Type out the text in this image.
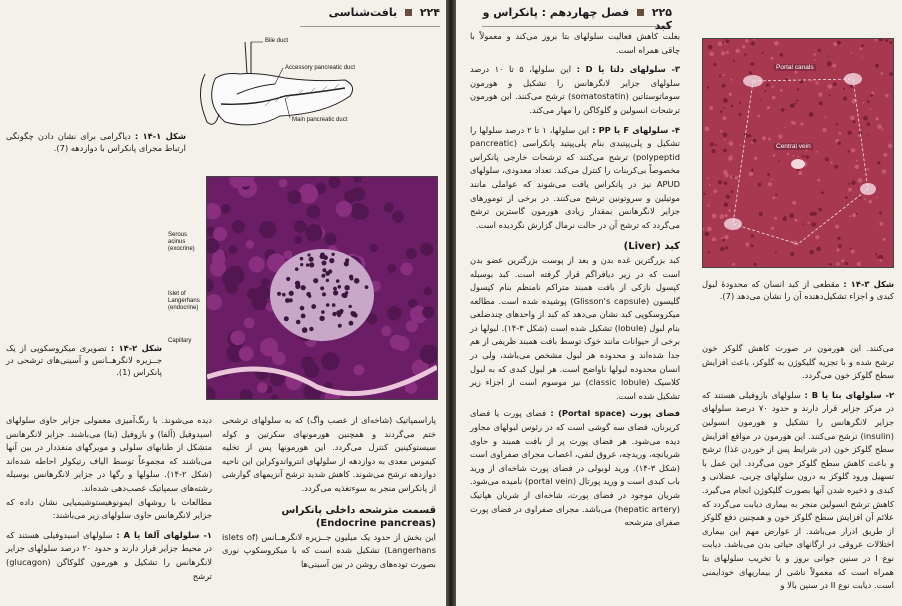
۲۲۴  بافت‌شناسی
Bile duct
Accessory pancreatic duct
Main pancreatic duct
شکل ۱-۱۴ : دیاگرامی برای نشان دادن چگونگی ارتباط مجرای پانکراس با دوازدهه (7).
Serous acinus (exocrine)
Islet of Langerhans (endocrine)
Capillary
شکل ۲-۱۴ : تصویری میکروسکوپی از یک جــزیره لانگرهــانس و آسینی‌های ترشحی در پانکراس (1).
پاراسمپاتیک (شاخه‌ای از عصب واگ) که به سلولهای ترشحی ختم می‌گردند و همچنین هورمونهای سکرتین و کوله سیستوکینین کنترل می‌گردد. این هورمونها پس از تخلیه کیموس معدی به دوازدهه از سلولهای انترواندوکراین این ناحیه دوازدهه ترشح می‌شوند. کاهش شدید ترشح آنزیمهای گوارشی از پانکراس منجر به سوءتغذیه می‌گردد.
قسمت مترشحه داخلی پانکراس
(Endocrine pancreas)
این بخش از حدود یک میلیون جــزیره لانگرهــانس (islets of Langerhans) تشکیل شده است که با میکروسکوپ نوری بصورت توده‌های روشن در بین آسینی‌ها
دیده می‌شوند. با رنگ‌آمیزی معمولی جزایر حاوی سلولهای اسیدوفیل (آلفا) و بازوفیل (بتا) می‌باشند. جزایر لانگرهانس متشکل از طنابهای سلولی و مویرگهای منفذدار در بین آنها می‌باشند که مجموعاً توسط الیاف رتیکولر احاطه شده‌اند (شکل ۲-۱۴). سلولها و رگها در جزایر لانگرهانس بوسیله رشته‌های سمپاتیک عصب‌دهی شده‌اند.
مطالعات با روشهای ایمونوهیستوشیمیایی نشان داده که جزایر لانگرهانس حاوی سلولهای زیر می‌باشند:
۱- سلولهای آلفا یا A : سلولهای اسیدوفیلی هستند که در محیط جزایر قرار دارند و حدود ۲۰ درصد سلولهای جزایر لانگرهانس را تشکیل و هورمون گلوکاگن (glucagon) ترشح
۲۲۵  فصل چهاردهم : پانکراس و کبد
بعلت کاهش فعالیت سلولهای بتا بروز می‌کند و معمولاً با چاقی همراه است.
۳- سلولهای دلتا یا D : این سلولها، ۵ تا ۱۰ درصد سلولهای جزایر لانگرهانس را تشکیل و هورمون سوماتوستاتین (somatostatin) ترشح می‌کنند. این هورمون ترشحات انسولین و گلوکاگن را مهار می‌کند.
۴- سلولهای F یا PP : این سلولها، ۱ تا ۲ درصد سلولها را تشکیل و پلی‌پپتیدی بنام پلی‌پپتید پانکراسی (pancreatic polypeptid) ترشح می‌کنند که ترشحات خارجی پانکراس مخصوصاً بی‌کربنات را کنترل می‌کند. تعداد معدودی، سلولهای APUD نیز در پانکراس یافت می‌شوند که عواملی مانند موتیلین و سروتونین ترشح می‌کنند. در برخی از تومورهای جزایر لانگرهانس بمقدار زیادی هورمون گاسترین ترشح می‌گردد که ترشح آن در حالت نرمال گزارش نگردیده است.
کبد (Liver)
کبد بزرگترین غده بدن و بعد از پوست بزرگترین عضو بدن است که در زیر دیافراگم قرار گرفته است. کبد بوسیله کپسول نازکی از بافت همبند متراکم نامنظم بنام کپسول گلیسون (Glisson's capsule) پوشیده شده است. مطالعه میکروسکوپی کبد نشان می‌دهد که کبد از واحدهای چندضلعی بنام لبول (lobule) تشکیل شده است (شکل ۳-۱۴). لبولها در برخی از حیوانات مانند خوک توسط بافت همبند ظریفی از هم جدا شده‌اند و محدوده هر لبول مشخص می‌باشد، ولی در انسان محدوده لبولها ناواضح است. هر لبول کبدی که به لبول کلاسیک (classic lobule) نیز موسوم است از اجزاء زیر تشکیل شده است.
فضای پورت (Portal space) : فضای پورت یا فضای کریرنان، فضای سه گوشی است که در رئوس لبولهای مجاور دیده می‌شود. هر فضای پورت پر از بافت همبند و حاوی شریانچه، وریدچه، عروق لنفی، اعصاب مجرای صفراوی است (شکل ۳-۱۴). ورید لوبولی در فضای پورت شاخه‌ای از ورید باب کبدی است و ورید پورتال (portal vein) نامیده می‌شود. شریان موجود در فضای پورت، شاخه‌ای از شریان هپاتیک (hepatic artery) می‌باشد. مجرای صفراوی در فضای پورت صفرای مترشحه
Portal canals
Central vein
شکل ۳-۱۴ : مقطعی از کبد انسان که محدودهٔ لبول کبدی و اجزاء تشکیل‌دهنده آن را نشان می‌دهد (7).
می‌کنند. این هورمون در صورت کاهش گلوکز خون ترشح شده و با تجزیه گلیکوژن به گلوکز، باعث افزایش سطح گلوکز خون می‌گردد.
۲- سلولهای بتا یا B : سلولهای بازوفیلی هستند که در مرکز جزایر قرار دارند و حدود ۷۰ درصد سلولهای جزایر لانگرهانس را تشکیل و هورمون انسولین (insulin) ترشح می‌کنند. این هورمون در مواقع افزایش سطح گلوکز خون (در شرایط پس از خوردن غذا) ترشح و باعث کاهش سطح گلوکز خون می‌گردد. این عمل با تسهیل ورود گلوکز به درون سلولهای چربی، عضلانی و کبدی و ذخیره شدن آنها بصورت گلیکوژن انجام می‌گیرد. کاهش ترشح انسولین منجر به بیماری دیابت می‌گردد که علائم آن افزایش سطح گلوکز خون و همچنین دفع گلوکز از طریق ادرار می‌باشد. از عوارض مهم این بیماری اختلالات عروقی در ارگانهای حیاتی بدن می‌باشد. دیابت نوع I در سنین جوانی بروز و با تخریب سلولهای بتا همراه است که معمولاً ناشی از بیماریهای خودایمنی است. دیابت نوع II در سنین بالا و
